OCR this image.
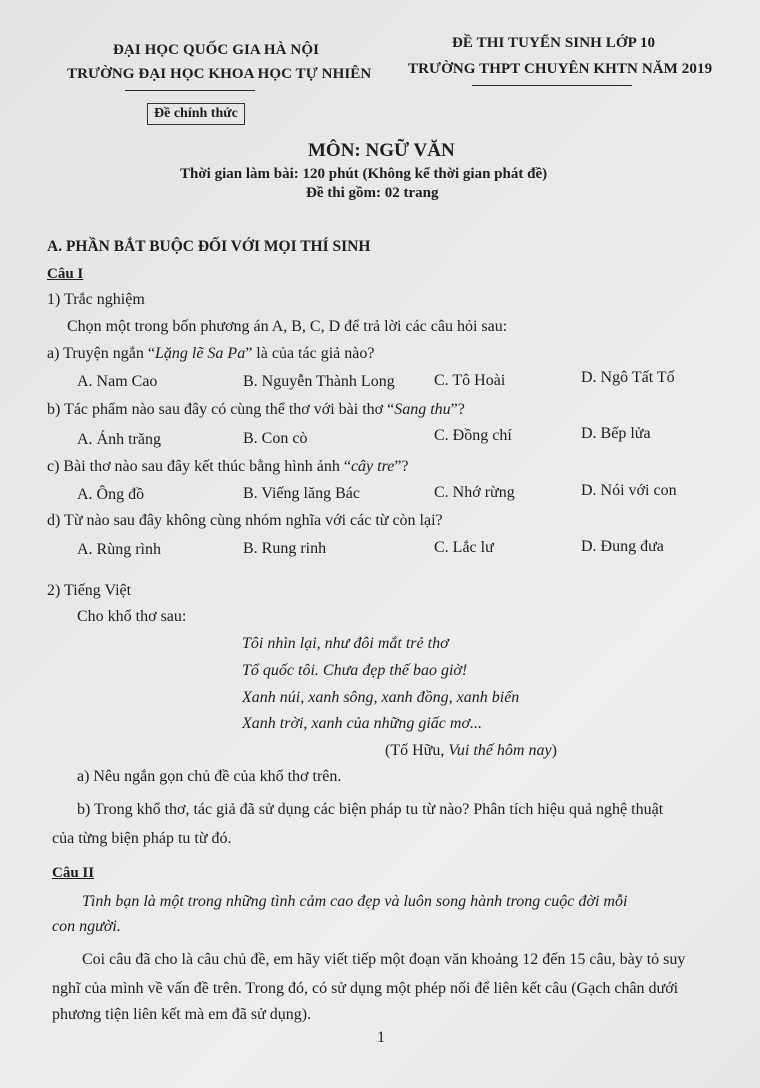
ĐẠI HỌC QUỐC GIA HÀ NỘI
TRƯỜNG ĐẠI HỌC KHOA HỌC TỰ NHIÊN
Đề chính thức
ĐỀ THI TUYỂN SINH LỚP 10
TRƯỜNG THPT CHUYÊN KHTN NĂM 2019
MÔN: NGỮ VĂN
Thời gian làm bài: 120 phút (Không kể thời gian phát đề)
Đề thi gồm: 02 trang
A. PHẦN BẮT BUỘC ĐỐI VỚI MỌI THÍ SINH
Câu I
1) Trắc nghiệm
Chọn một trong bốn phương án A, B, C, D để trả lời các câu hỏi sau:
a) Truyện ngắn “Lặng lẽ Sa Pa” là của tác giả nào?
A. Nam Cao	B. Nguyễn Thành Long C. Tô Hoài	D. Ngô Tất Tố
b) Tác phẩm nào sau đây có cùng thể thơ với bài thơ “Sang thu”?
A. Ánh trăng	B. Con cò	C. Đồng chí	D. Bếp lửa
c) Bài thơ nào sau đây kết thúc bằng hình ảnh “cây tre”?
A. Ông đồ	B. Viếng lăng Bác	C. Nhớ rừng	D. Nói với con
d) Từ nào sau đây không cùng nhóm nghĩa với các từ còn lại?
A. Rùng rình	B. Rung rinh	C. Lắc lư	D. Đung đưa
2) Tiếng Việt
Cho khổ thơ sau:
Tôi nhìn lại, như đôi mắt trẻ thơ
Tổ quốc tôi. Chưa đẹp thế bao giờ!
Xanh núi, xanh sông, xanh đồng, xanh biển
Xanh trời, xanh của những giấc mơ...
(Tố Hữu, Vui thế hôm nay)
a) Nêu ngắn gọn chủ đề của khổ thơ trên.
b) Trong khổ thơ, tác giả đã sử dụng các biện pháp tu từ nào? Phân tích hiệu quả nghệ thuật
của từng biện pháp tu từ đó.
Câu II
Tình bạn là một trong những tình cảm cao đẹp và luôn song hành trong cuộc đời mỗi
con người.
Coi câu đã cho là câu chủ đề, em hãy viết tiếp một đoạn văn khoảng 12 đến 15 câu, bày tỏ suy
nghĩ của mình về vấn đề trên. Trong đó, có sử dụng một phép nối để liên kết câu (Gạch chân dưới
phương tiện liên kết mà em đã sử dụng).
1
